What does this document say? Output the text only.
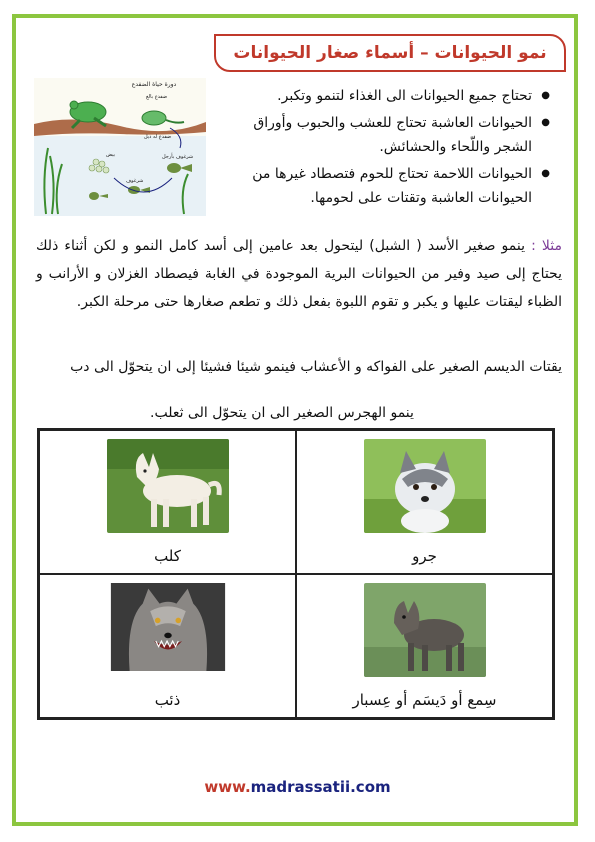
نمو الحيوانات – أسماء صغار الحيوانات
دورة حياة الضفدع
ضفدع بالغ
ضفدع له ذيل
بيض
شرغوف
شرغوف بأرجل
● تحتاج جميع الحيوانات الى الغذاء لتنمو وتكبر.
● الحيوانات العاشبة تحتاج للعشب والحبوب وأوراق الشجر واللّحاء والحشائش.
● الحيوانات اللاحمة تحتاج للحوم فتصطاد غيرها من الحيوانات العاشبة وتقتات على لحومها.

مثلا : ينمو صغير الأسد ( الشبل) ليتحول بعد عامين إلى أسد كامل النمو و لكن أثناء ذلك يحتاج إلى صيد وفير من الحيوانات البرية الموجودة في الغابة فيصطاد الغزلان و الأرانب و الظباء ليقتات عليها و يكبر و تقوم اللبوة بفعل ذلك و تطعم صغارها حتى مرحلة الكبر.

يقتات الديسم الصغير على الفواكه و الأعشاب فينمو شيئا فشيئا إلى ان يتحوّل الى دب

ينمو الهجرس الصغير الى ان يتحوّل الى ثعلب.
جرو
كلب
سِمع أو دَيسَم أو عِسبار
ذئب
www.madrassatii.com
